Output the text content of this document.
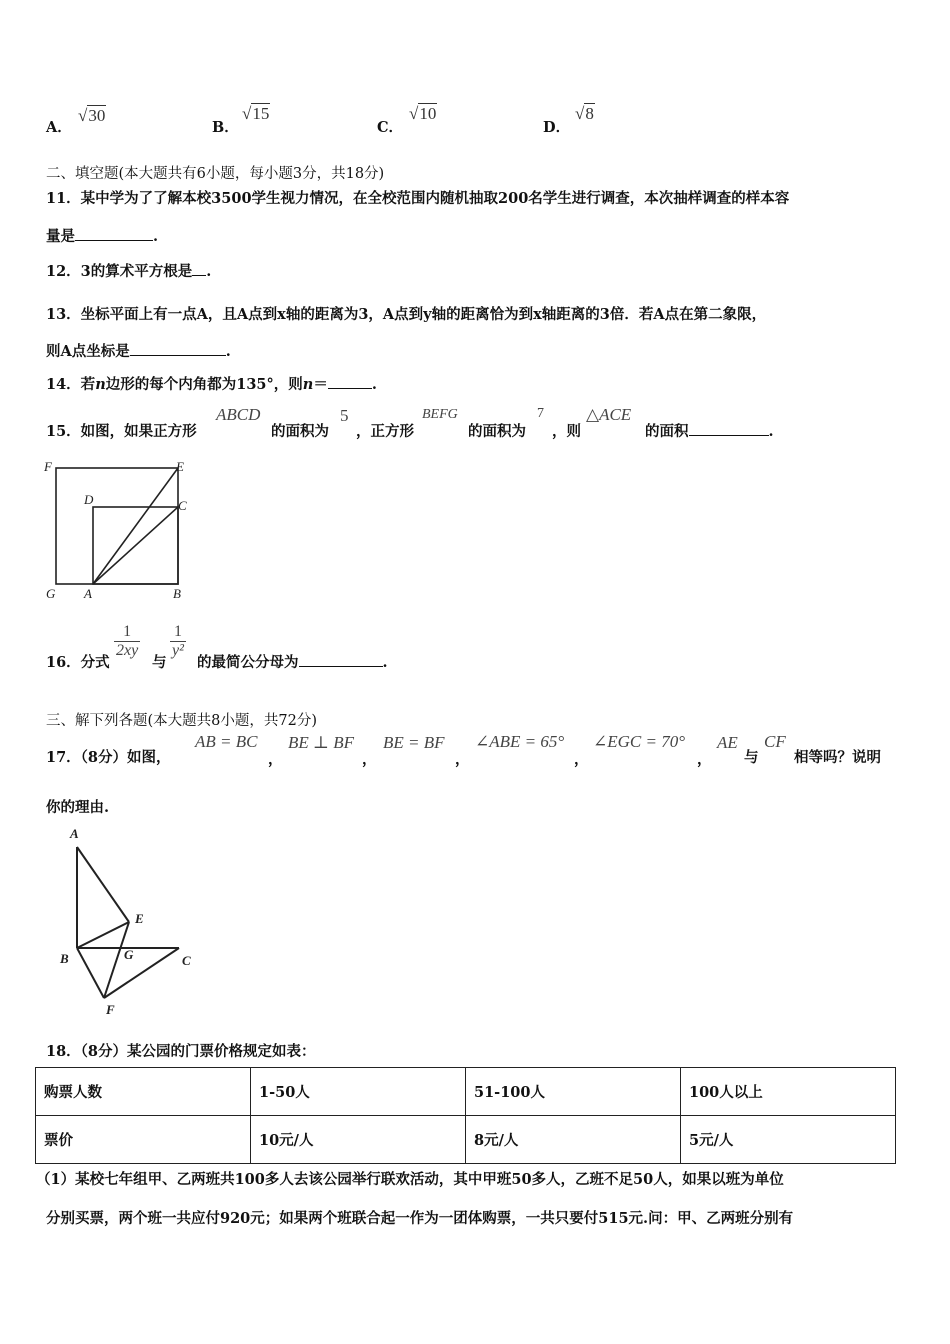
A．
√30
B．
√15
C．
√10
D．
√8
二、填空题(本大题共有6小题，每小题3分，共18分)
11．某中学为了了解本校3500学生视力情况，在全校范围内随机抽取200名学生进行调查，本次抽样调查的样本容
量是	.
12．3的算术平方根是 .
13．坐标平面上有一点A，且A点到x轴的距离为3，A点到y轴的距离恰为到x轴距离的3倍．若A点在第二象限，
则A点坐标是	.
14．若n边形的每个内角都为135°，则n＝	.
15．如图，如果正方形
ABCD
的面积为
5
，正方形
BEFG
的面积为
7
，则
△ACE
的面积	.
F	E
D	C
G A	B
16．分式
$\frac{1}{2xy}$
与
$\frac{1}{\text{y²}}$
的最简公分母为	.
三、解下列各题(本大题共8小题，共72分)
17．（8分）如图，
AB = BC
，
BE ⊥ BF
，
BE = BF
，
∠ABE = 65°
，
∠EGC = 70°
，
AE
与
CF
相等吗？说明
你的理由.
A
E
B	G	C
F
18．（8分）某公园的门票价格规定如表：
购票人数	1-50人	51-100人	100人以上
票价	10元/人	8元/人	5元/人
（1）某校七年组甲、乙两班共100多人去该公园举行联欢活动，其中甲班50多人，乙班不足50人，如果以班为单位
分别买票，两个班一共应付920元；如果两个班联合起一作为一团体购票，一共只要付515元.问：甲、乙两班分别有
